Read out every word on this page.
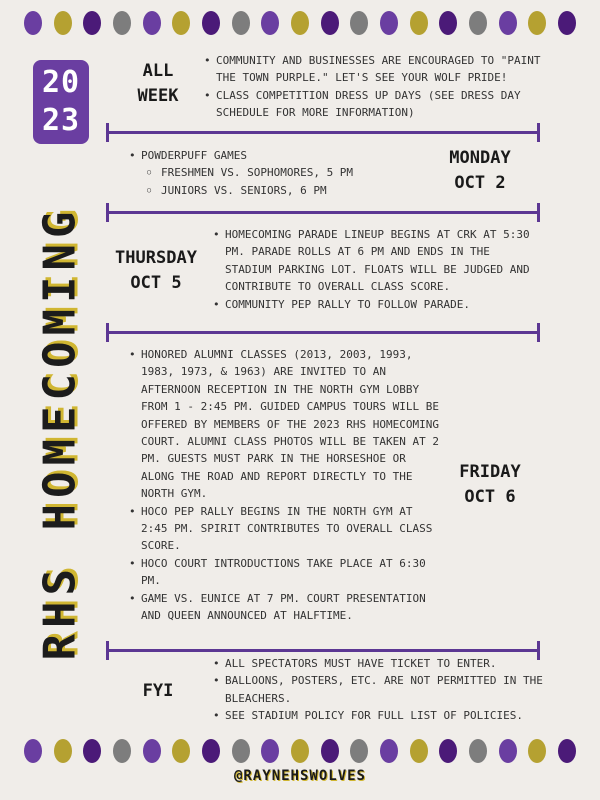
20
23
RHS HOMECOMING
ALL
WEEK
• COMMUNITY AND BUSINESSES ARE ENCOURAGED TO "PAINT THE TOWN PURPLE." LET'S SEE YOUR WOLF PRIDE!
• CLASS COMPETITION DRESS UP DAYS (SEE DRESS DAY SCHEDULE FOR MORE INFORMATION)
• POWDERPUFF GAMES
○ FRESHMEN VS. SOPHOMORES, 5 PM
○ JUNIORS VS. SENIORS, 6 PM
MONDAY
OCT 2
THURSDAY
OCT 5
• HOMECOMING PARADE LINEUP BEGINS AT CRK AT 5:30 PM. PARADE ROLLS AT 6 PM AND ENDS IN THE STADIUM PARKING LOT. FLOATS WILL BE JUDGED AND CONTRIBUTE TO OVERALL CLASS SCORE.
• COMMUNITY PEP RALLY TO FOLLOW PARADE.
• HONORED ALUMNI CLASSES (2013, 2003, 1993, 1983, 1973, & 1963) ARE INVITED TO AN AFTERNOON RECEPTION IN THE NORTH GYM LOBBY FROM 1 - 2:45 PM. GUIDED CAMPUS TOURS WILL BE OFFERED BY MEMBERS OF THE 2023 RHS HOMECOMING COURT. ALUMNI CLASS PHOTOS WILL BE TAKEN AT 2 PM. GUESTS MUST PARK IN THE HORSESHOE OR ALONG THE ROAD AND REPORT DIRECTLY TO THE NORTH GYM.
• HOCO PEP RALLY BEGINS IN THE NORTH GYM AT 2:45 PM. SPIRIT CONTRIBUTES TO OVERALL CLASS SCORE.
• HOCO COURT INTRODUCTIONS TAKE PLACE AT 6:30 PM.
• GAME VS. EUNICE AT 7 PM. COURT PRESENTATION AND QUEEN ANNOUNCED AT HALFTIME.
FRIDAY
OCT 6
FYI
• ALL SPECTATORS MUST HAVE TICKET TO ENTER.
• BALLOONS, POSTERS, ETC. ARE NOT PERMITTED IN THE BLEACHERS.
• SEE STADIUM POLICY FOR FULL LIST OF POLICIES.
@RAYNEHSWOLVES
